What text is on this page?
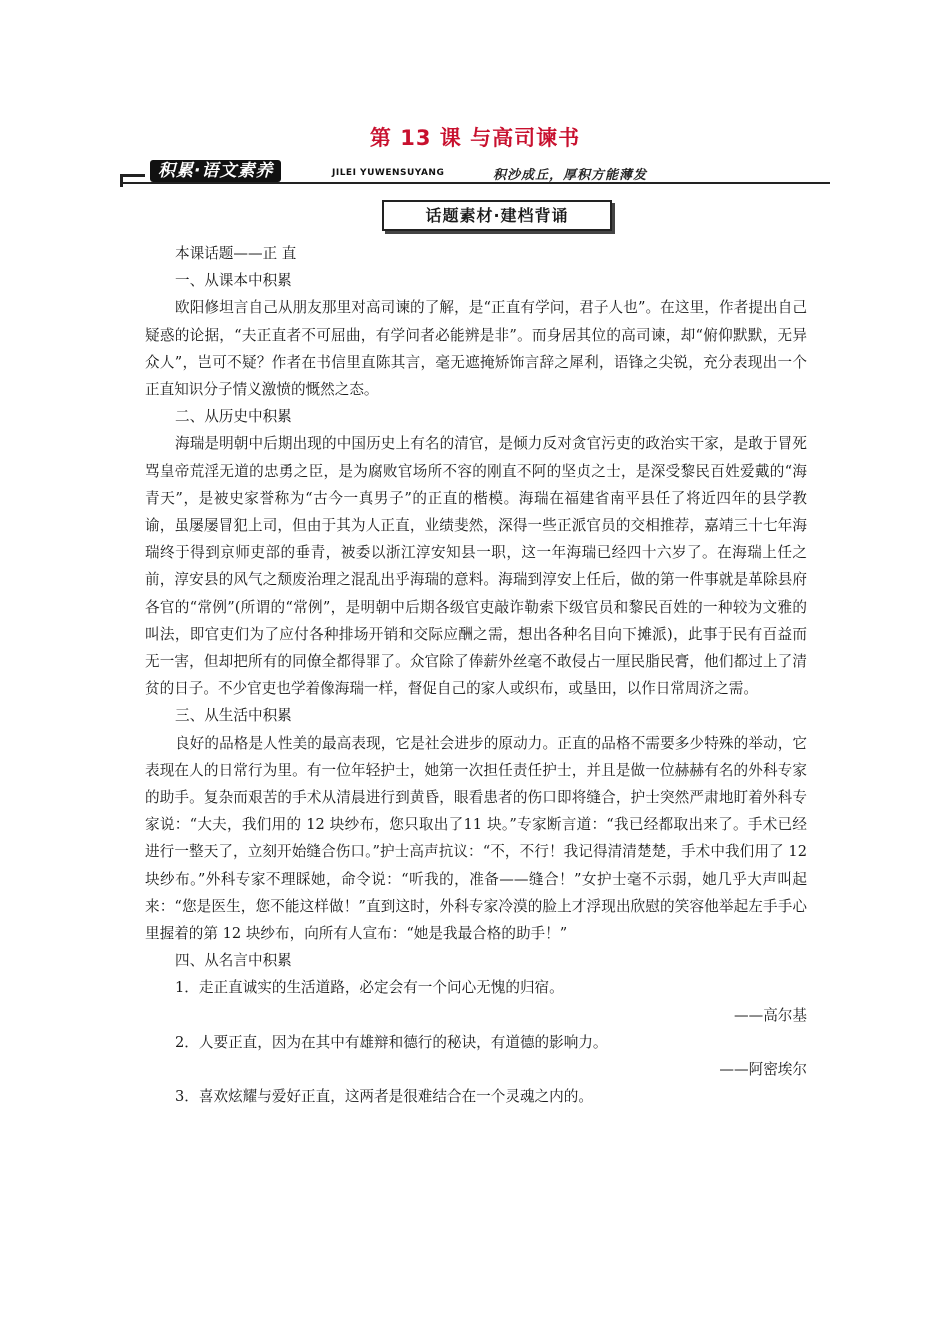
第 13 课 与高司谏书
积累·语文素养	JILEI YUWENSUYANG	积沙成丘，厚积方能薄发
话题素材·建档背诵

本课话题——正 直

一、从课本中积累

欧阳修坦言自己从朋友那里对高司谏的了解，是“正直有学问，君子人也”。在这里，作者提出自己疑惑的论据，“夫正直者不可屈曲，有学问者必能辨是非”。而身居其位的高司谏，却“俯仰默默，无异众人”，岂可不疑？作者在书信里直陈其言，毫无遮掩矫饰言辞之犀利，语锋之尖锐，充分表现出一个正直知识分子情义激愤的慨然之态。

二、从历史中积累

海瑞是明朝中后期出现的中国历史上有名的清官，是倾力反对贪官污吏的政治实干家，是敢于冒死骂皇帝荒淫无道的忠勇之臣，是为腐败官场所不容的刚直不阿的坚贞之士，是深受黎民百姓爱戴的“海青天”，是被史家誉称为“古今一真男子”的正直的楷模。海瑞在福建省南平县任了将近四年的县学教谕，虽屡屡冒犯上司，但由于其为人正直，业绩斐然，深得一些正派官员的交相推荐，嘉靖三十七年海瑞终于得到京师吏部的垂青，被委以浙江淳安知县一职，这一年海瑞已经四十六岁了。在海瑞上任之前，淳安县的风气之颓废治理之混乱出乎海瑞的意料。海瑞到淳安上任后，做的第一件事就是革除县府各官的“常例”(所谓的“常例”，是明朝中后期各级官吏敲诈勒索下级官员和黎民百姓的一种较为文雅的叫法，即官吏们为了应付各种排场开销和交际应酬之需，想出各种名目向下摊派)，此事于民有百益而无一害，但却把所有的同僚全都得罪了。众官除了俸薪外丝毫不敢侵占一厘民脂民膏，他们都过上了清贫的日子。不少官吏也学着像海瑞一样，督促自己的家人或织布，或垦田，以作日常周济之需。

三、从生活中积累

良好的品格是人性美的最高表现，它是社会进步的原动力。正直的品格不需要多少特殊的举动，它表现在人的日常行为里。有一位年轻护士，她第一次担任责任护士，并且是做一位赫赫有名的外科专家的助手。复杂而艰苦的手术从清晨进行到黄昏，眼看患者的伤口即将缝合，护士突然严肃地盯着外科专家说：“大夫，我们用的 12 块纱布，您只取出了11 块。”专家断言道：“我已经都取出来了。手术已经进行一整天了，立刻开始缝合伤口。”护士高声抗议：“不，不行！我记得清清楚楚，手术中我们用了 12 块纱布。”外科专家不理睬她，命令说：“听我的，准备——缝合！”女护士毫不示弱，她几乎大声叫起来：“您是医生，您不能这样做！”直到这时，外科专家冷漠的脸上才浮现出欣慰的笑容他举起左手手心里握着的第 12 块纱布，向所有人宣布：“她是我最合格的助手！”

四、从名言中积累

1．走正直诚实的生活道路，必定会有一个问心无愧的归宿。

——高尔基

2．人要正直，因为在其中有雄辩和德行的秘诀，有道德的影响力。

——阿密埃尔

3．喜欢炫耀与爱好正直，这两者是很难结合在一个灵魂之内的。
